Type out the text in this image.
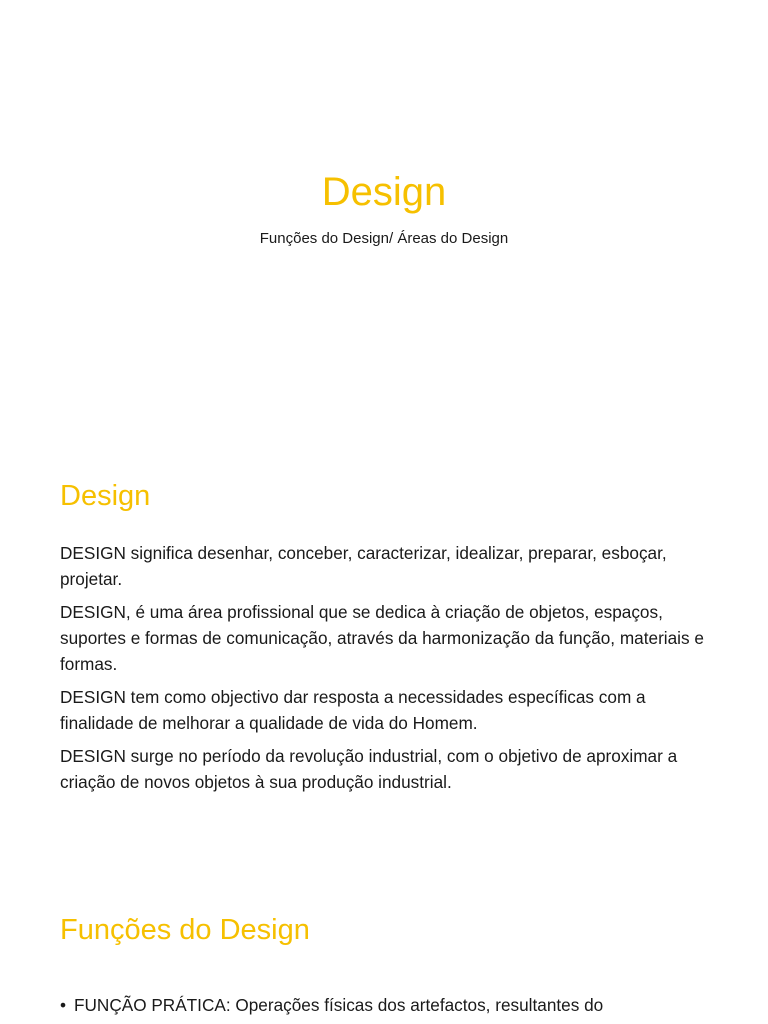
Design
Funções do Design/ Áreas do Design
Design

DESIGN significa desenhar, conceber, caracterizar, idealizar, preparar, esboçar, projetar.

DESIGN, é uma área profissional que se dedica à criação de objetos, espaços, suportes e formas de comunicação, através da harmonização da função, materiais e formas.

DESIGN tem como objectivo dar resposta a necessidades específicas com a finalidade de melhorar a qualidade de vida do Homem.

DESIGN surge no período da revolução industrial, com o objetivo de aproximar a criação de novos objetos à sua produção industrial.

Funções do Design
• FUNÇÃO PRÁTICA: Operações físicas dos artefactos, resultantes do
